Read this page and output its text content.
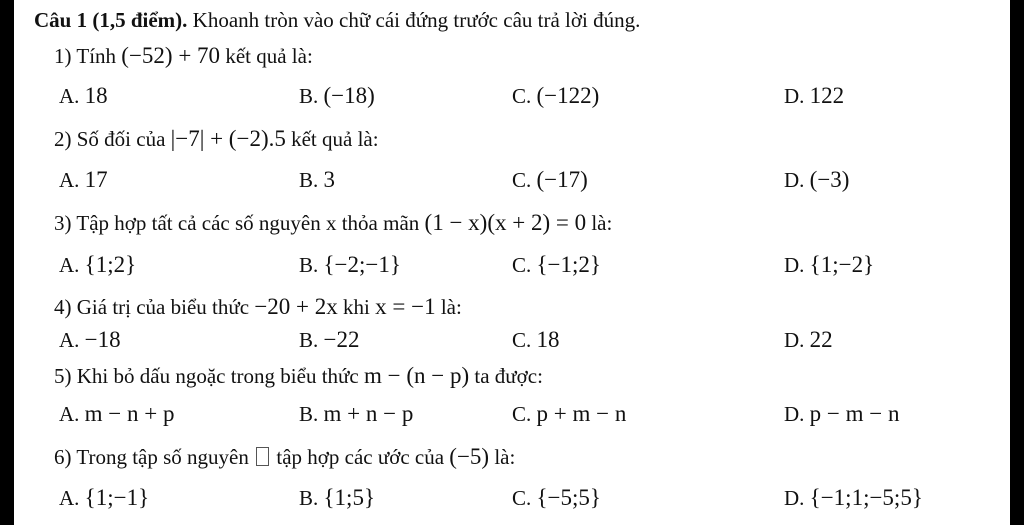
Câu 1 (1,5 điểm). Khoanh tròn vào chữ cái đứng trước câu trả lời đúng.
1) Tính (−52) + 70 kết quả là:
A. 18	B. (−18)	C. (−122)	D. 122
2) Số đối của |−7| + (−2).5 kết quả là:
A. 17	B. 3	C. (−17)	D. (−3)
3) Tập hợp tất cả các số nguyên x thỏa mãn (1 − x)(x + 2) = 0 là:
A. {1;2}	B. {−2;−1}	C. {−1;2}	D. {1;−2}
4) Giá trị của biểu thức −20 + 2x khi x = −1 là:
A. −18	B. −22	C. 18	D. 22
5) Khi bỏ dấu ngoặc trong biểu thức m − (n − p) ta được:
A. m − n + p	B. m + n − p	C. p + m − n	D. p − m − n
6) Trong tập số nguyên tập hợp các ước của (−5) là:
A. {1;−1}	B. {1;5}	C. {−5;5}	D. {−1;1;−5;5}
